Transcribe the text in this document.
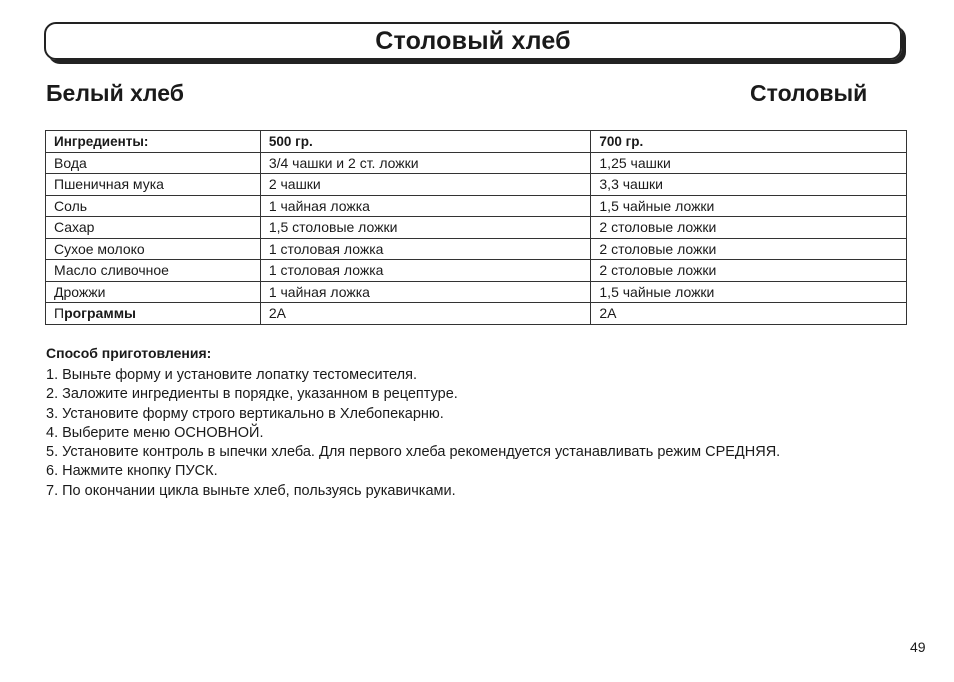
Столовый хлеб
Белый хлеб	Столовый
Ингредиенты:	500 гр.	700 гр.
Вода	3/4 чашки и 2 ст. ложки	1,25 чашки
Пшеничная мука	2 чашки	3,3 чашки
Соль	1 чайная ложка	1,5 чайные ложки
Сахар	1,5 столовые ложки	2 столовые ложки
Сухое молоко	1 столовая ложка	2 столовые ложки
Масло сливочное	1 столовая ложка	2 столовые ложки
Дрожжи	1 чайная ложка	1,5 чайные ложки
Программы	2А	2А
Способ приготовления:
1. Выньте форму и установите лопатку тестомесителя.
2. Заложите ингредиенты в порядке, указанном в рецептуре.
3. Установите форму строго вертикально в Хлебопекарню.
4. Выберите меню ОСНОВНОЙ.
5. Установите контроль в ыпечки хлеба. Для первого хлеба рекомендуется устанавливать режим СРЕДНЯЯ.
6. Нажмите кнопку ПУСК.
7. По окончании цикла выньте хлеб, пользуясь рукавичками.
49
